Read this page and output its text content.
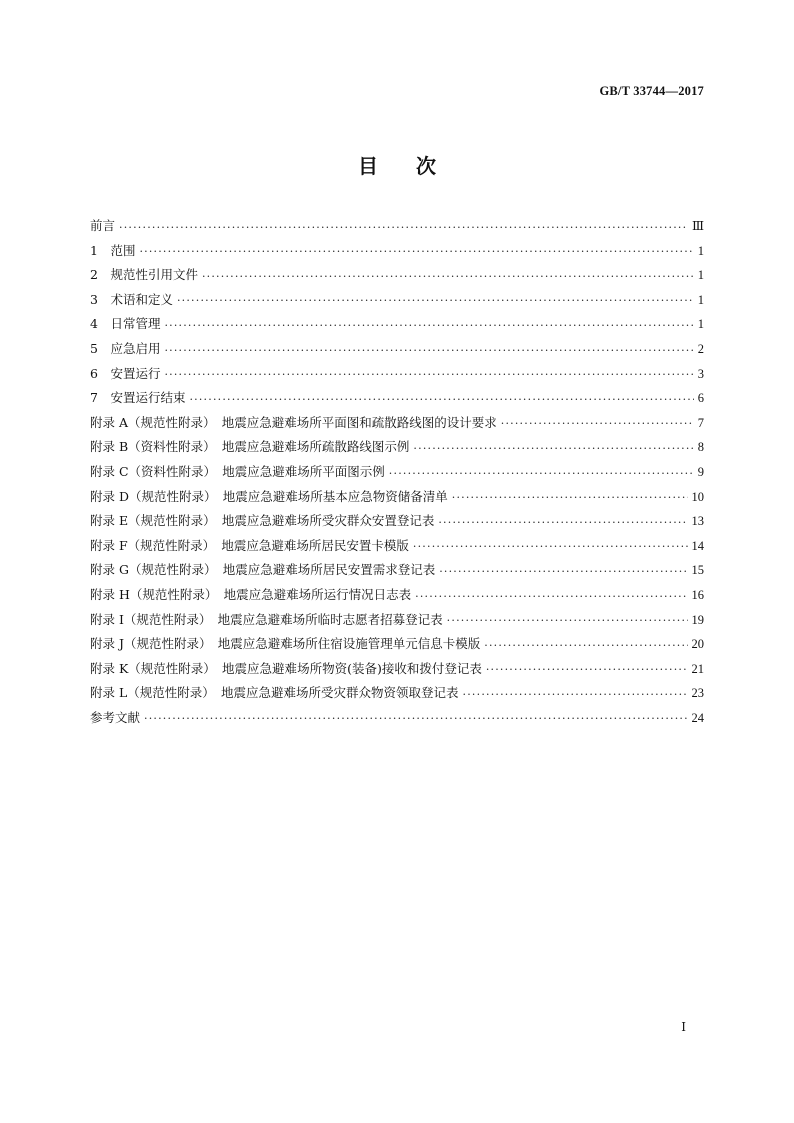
GB/T 33744—2017
目次
前言 ·····	Ⅲ
1　范围 ·····	1
2　规范性引用文件 ·····	1
3　术语和定义 ·····	1
4　日常管理 ·····	1
5　应急启用 ·····	2
6　安置运行 ·····	3
7　安置运行结束 ·····	6
附录 A（规范性附录）　地震应急避难场所平面图和疏散路线图的设计要求 ·····	7
附录 B（资料性附录）　地震应急避难场所疏散路线图示例 ·····	8
附录 C（资料性附录）　地震应急避难场所平面图示例 ·····	9
附录 D（规范性附录）　地震应急避难场所基本应急物资储备清单 ·····	10
附录 E（规范性附录）　地震应急避难场所受灾群众安置登记表 ·····	13
附录 F（规范性附录）　地震应急避难场所居民安置卡模版 ·····	14
附录 G（规范性附录）　地震应急避难场所居民安置需求登记表 ·····	15
附录 H（规范性附录）　地震应急避难场所运行情况日志表 ·····	16
附录 I（规范性附录）　地震应急避难场所临时志愿者招募登记表 ·····	19
附录 J（规范性附录）　地震应急避难场所住宿设施管理单元信息卡模版 ·····	20
附录 K（规范性附录）　地震应急避难场所物资(装备)接收和拨付登记表 ·····	21
附录 L（规范性附录）　地震应急避难场所受灾群众物资领取登记表 ·····	23
参考文献 ·····	24
Ⅰ
